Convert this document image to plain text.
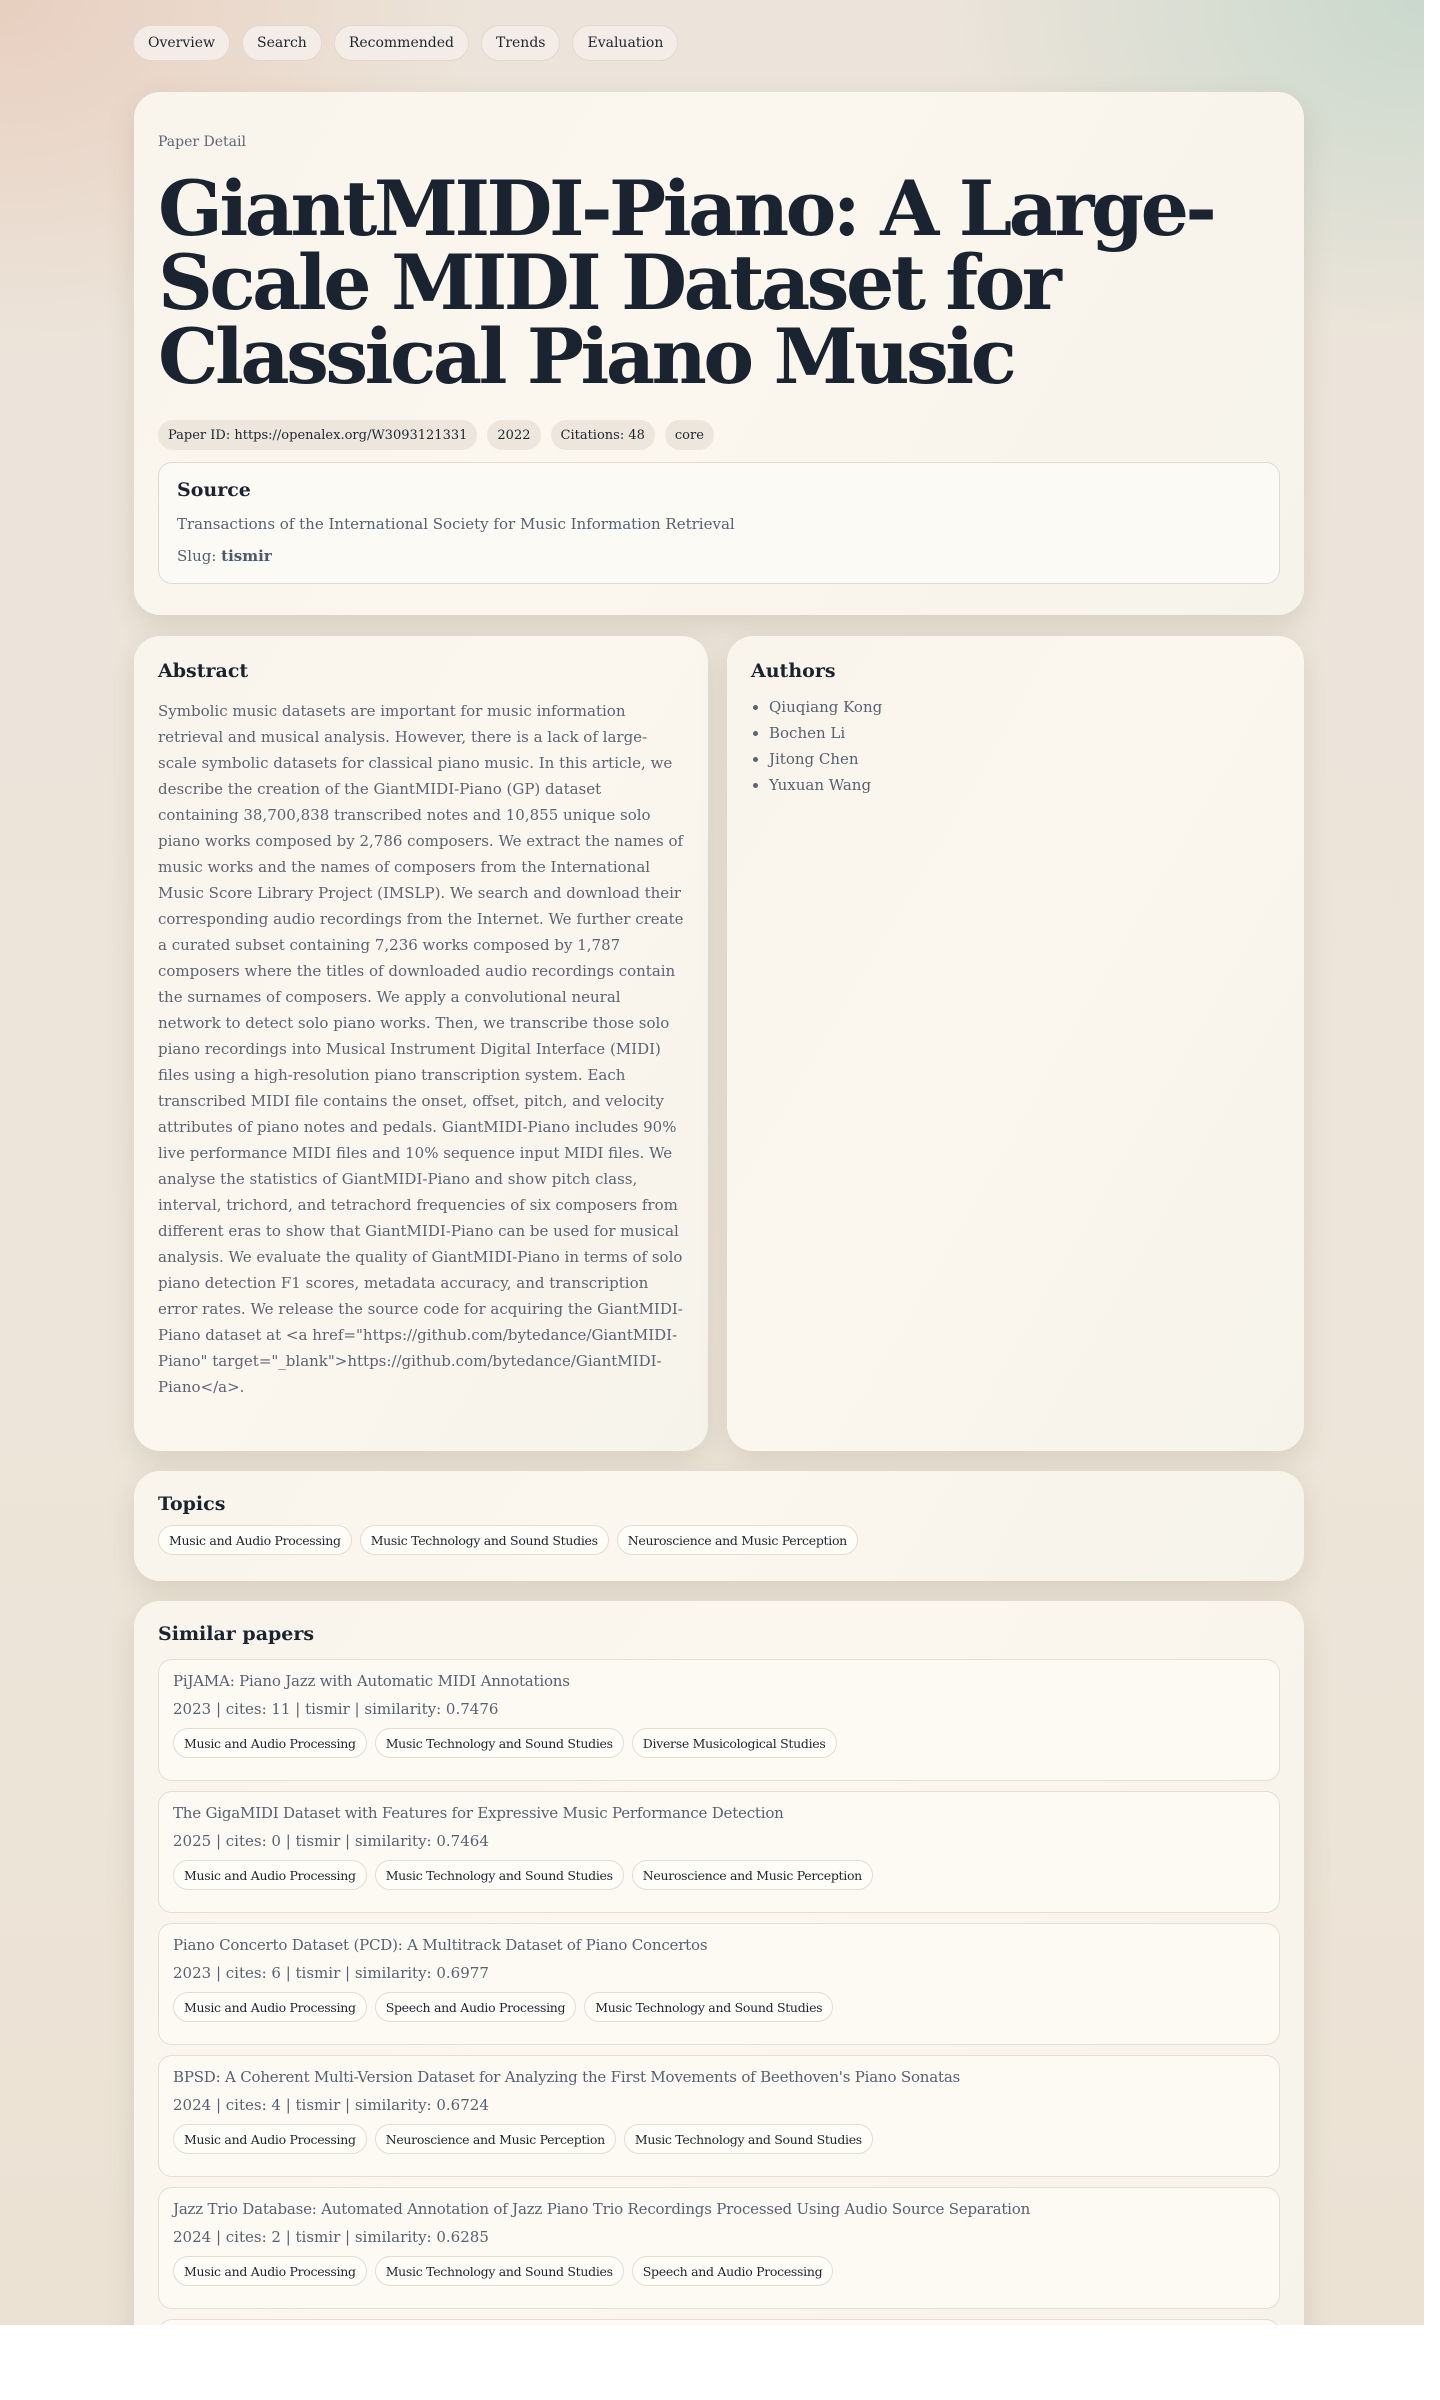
Overview	Search	Recommended	Trends	Evaluation
Paper Detail
GiantMIDI-Piano: A Large-Scale MIDI Dataset for Classical Piano Music
Paper ID: https://openalex.org/W3093121331	2022	Citations: 48	core
Source
Transactions of the International Society for Music Information Retrieval
Slug: tismir
Abstract
Symbolic music datasets are important for music information retrieval and musical analysis. However, there is a lack of large-scale symbolic datasets for classical piano music. In this article, we describe the creation of the GiantMIDI-Piano (GP) dataset containing 38,700,838 transcribed notes and 10,855 unique solo piano works composed by 2,786 composers. We extract the names of music works and the names of composers from the International Music Score Library Project (IMSLP). We search and download their corresponding audio recordings from the Internet. We further create a curated subset containing 7,236 works composed by 1,787 composers where the titles of downloaded audio recordings contain the surnames of composers. We apply a convolutional neural network to detect solo piano works. Then, we transcribe those solo piano recordings into Musical Instrument Digital Interface (MIDI) files using a high-resolution piano transcription system. Each transcribed MIDI file contains the onset, offset, pitch, and velocity attributes of piano notes and pedals. GiantMIDI-Piano includes 90% live performance MIDI files and 10% sequence input MIDI files. We analyse the statistics of GiantMIDI-Piano and show pitch class, interval, trichord, and tetrachord frequencies of six composers from different eras to show that GiantMIDI-Piano can be used for musical analysis. We evaluate the quality of GiantMIDI-Piano in terms of solo piano detection F1 scores, metadata accuracy, and transcription error rates. We release the source code for acquiring the GiantMIDI-Piano dataset at <a href="https://github.com/bytedance/GiantMIDI-Piano" target="_blank">https://github.com/bytedance/GiantMIDI-Piano</a>.
Authors
• Qiuqiang Kong
• Bochen Li
• Jitong Chen
• Yuxuan Wang
Topics
Music and Audio Processing	Music Technology and Sound Studies	Neuroscience and Music Perception
Similar papers
PiJAMA: Piano Jazz with Automatic MIDI Annotations
2023 | cites: 11 | tismir | similarity: 0.7476
Music and Audio Processing	Music Technology and Sound Studies	Diverse Musicological Studies
The GigaMIDI Dataset with Features for Expressive Music Performance Detection
2025 | cites: 0 | tismir | similarity: 0.7464
Music and Audio Processing	Music Technology and Sound Studies	Neuroscience and Music Perception
Piano Concerto Dataset (PCD): A Multitrack Dataset of Piano Concertos
2023 | cites: 6 | tismir | similarity: 0.6977
Music and Audio Processing	Speech and Audio Processing	Music Technology and Sound Studies
BPSD: A Coherent Multi-Version Dataset for Analyzing the First Movements of Beethoven's Piano Sonatas
2024 | cites: 4 | tismir | similarity: 0.6724
Music and Audio Processing	Neuroscience and Music Perception	Music Technology and Sound Studies
Jazz Trio Database: Automated Annotation of Jazz Piano Trio Recordings Processed Using Audio Source Separation
2024 | cites: 2 | tismir | similarity: 0.6285
Music and Audio Processing	Music Technology and Sound Studies	Speech and Audio Processing
